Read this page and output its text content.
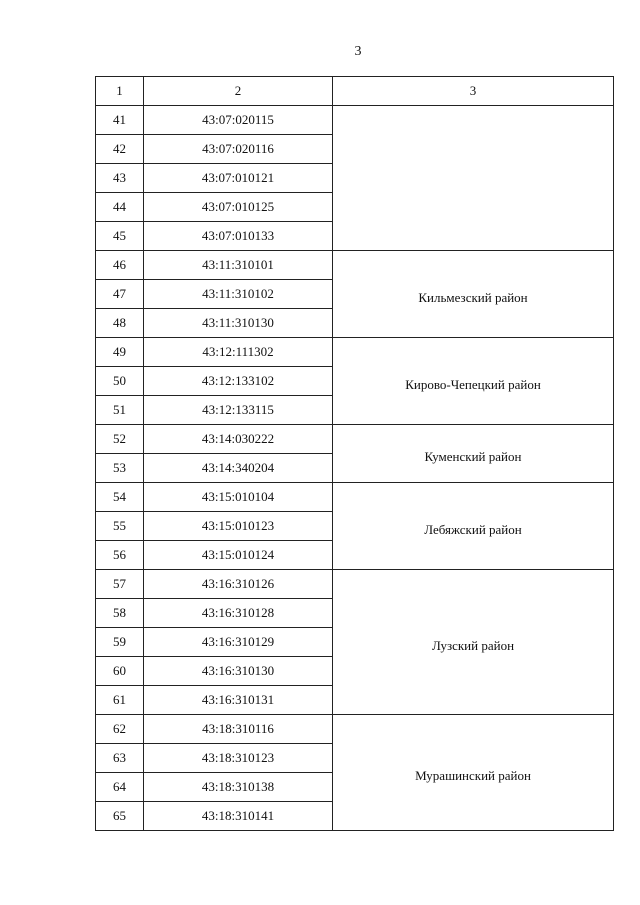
3
1	2	3
41	43:07:020115	

42	43:07:020116	
43	43:07:010121	
44	43:07:010125	
45	43:07:010133	
46	43:11:310101	Кильмезский район

47	43:11:310102	
48	43:11:310130	
49	43:12:111302	Кирово-Чепецкий район

50	43:12:133102	
51	43:12:133115	
52	43:14:030222	Куменский район

53	43:14:340204	
54	43:15:010104	Лебяжский район

55	43:15:010123	
56	43:15:010124	
57	43:16:310126	Лузский район

58	43:16:310128	
59	43:16:310129	
60	43:16:310130	
61	43:16:310131	
62	43:18:310116	Мурашинский район

63	43:18:310123	
64	43:18:310138	
65	43:18:310141	
